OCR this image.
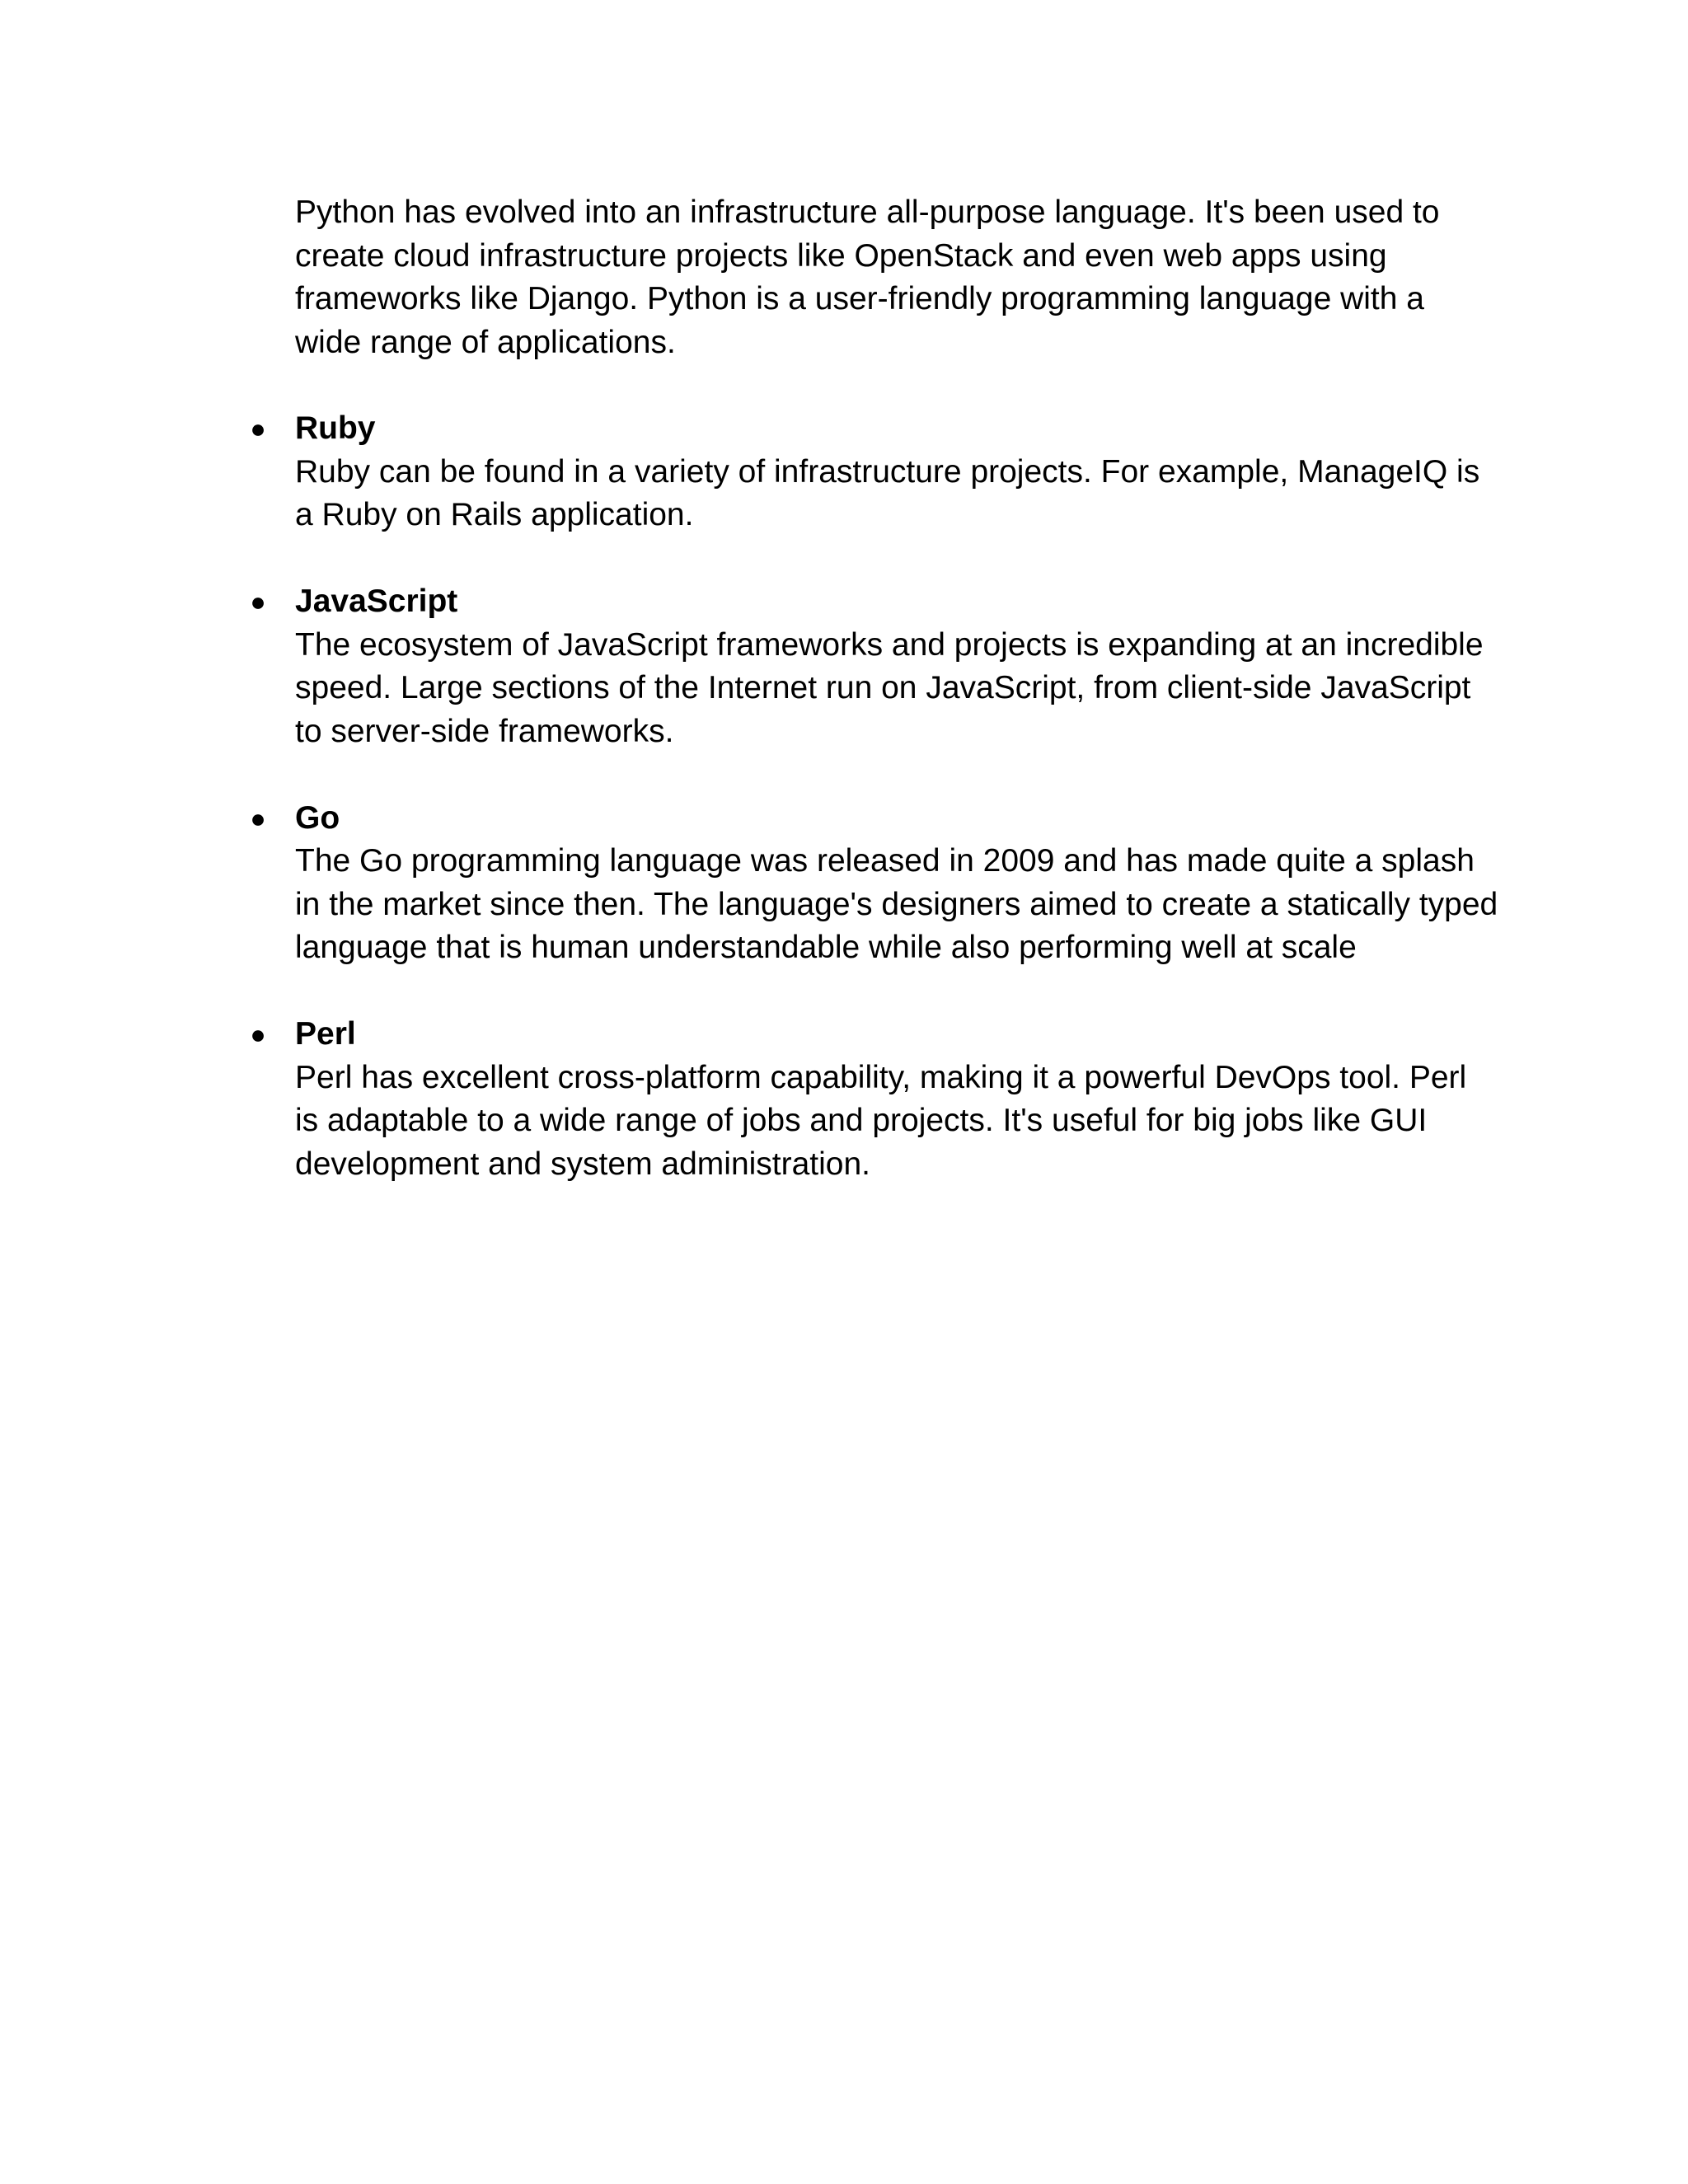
Python has evolved into an infrastructure all-purpose language. It's been used to create cloud infrastructure projects like OpenStack and even web apps using frameworks like Django. Python is a user-friendly programming language with a wide range of applications.

● Ruby
Ruby can be found in a variety of infrastructure projects. For example, ManageIQ is a Ruby on Rails application.
● JavaScript
The ecosystem of JavaScript frameworks and projects is expanding at an incredible speed. Large sections of the Internet run on JavaScript, from client-side JavaScript to server-side frameworks.
● Go
The Go programming language was released in 2009 and has made quite a splash in the market since then. The language's designers aimed to create a statically typed language that is human understandable while also performing well at scale
● Perl
Perl has excellent cross-platform capability, making it a powerful DevOps tool. Perl is adaptable to a wide range of jobs and projects. It's useful for big jobs like GUI development and system administration.
